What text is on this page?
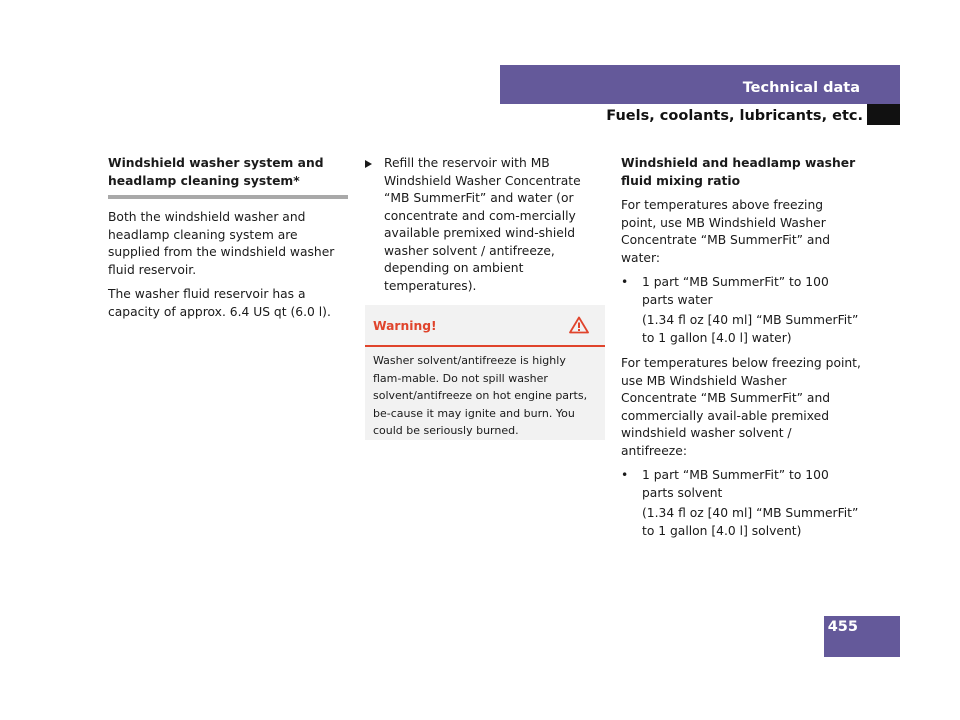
Technical data
Fuels, coolants, lubricants, etc.
Windshield washer system and headlamp cleaning system*

Both the windshield washer and headlamp cleaning system are supplied from the windshield washer fluid reservoir.

The washer fluid reservoir has a capacity of approx. 6.4 US qt (6.0 l).

Refill the reservoir with MB Windshield Washer Concentrate “MB SummerFit” and water (or concentrate and com-mercially available premixed wind-shield washer solvent / antifreeze, depending on ambient temperatures).
Warning!
Washer solvent/antifreeze is highly flam-mable. Do not spill washer solvent/antifreeze on hot engine parts, be-cause it may ignite and burn. You could be seriously burned.
Windshield and headlamp washer fluid mixing ratio

For temperatures above freezing point, use MB Windshield Washer Concentrate “MB SummerFit” and water:

• 1 part “MB SummerFit” to 100 parts water
(1.34 fl oz [40 ml] “MB SummerFit” to 1 gallon [4.0 l] water)

For temperatures below freezing point, use MB Windshield Washer Concentrate “MB SummerFit” and commercially avail-able premixed windshield washer solvent / antifreeze:

• 1 part “MB SummerFit” to 100 parts solvent
(1.34 fl oz [40 ml] “MB SummerFit” to 1 gallon [4.0 l] solvent)
455
